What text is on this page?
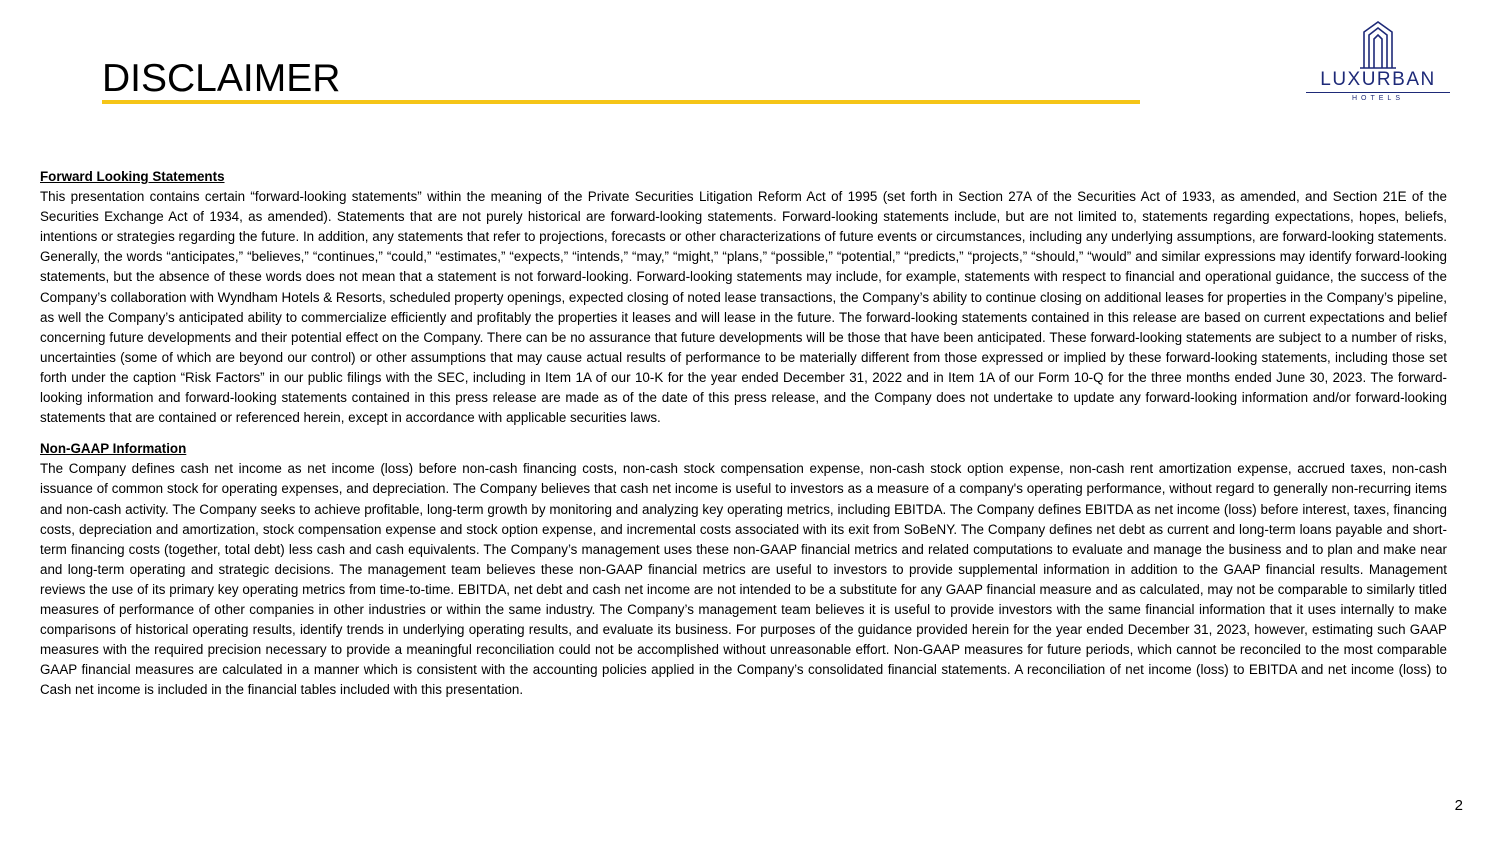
DISCLAIMER	LUXURBAN
HOTELS

Forward Looking Statements

This presentation contains certain “forward-looking statements” within the meaning of the Private Securities Litigation Reform Act of 1995 (set forth in Section 27A of the Securities Act of 1933, as amended, and Section 21E of the Securities Exchange Act of 1934, as amended). Statements that are not purely historical are forward-looking statements. Forward-looking statements include, but are not limited to, statements regarding expectations, hopes, beliefs, intentions or strategies regarding the future. In addition, any statements that refer to projections, forecasts or other characterizations of future events or circumstances, including any underlying assumptions, are forward-looking statements. Generally, the words “anticipates,” “believes,” “continues,” “could,” “estimates,” “expects,” “intends,” “may,” “might,” “plans,” “possible,” “potential,” “predicts,” “projects,” “should,” “would” and similar expressions may identify forward-looking statements, but the absence of these words does not mean that a statement is not forward-looking. Forward-looking statements may include, for example, statements with respect to financial and operational guidance, the success of the Company’s collaboration with Wyndham Hotels & Resorts, scheduled property openings, expected closing of noted lease transactions, the Company’s ability to continue closing on additional leases for properties in the Company’s pipeline, as well the Company’s anticipated ability to commercialize efficiently and profitably the properties it leases and will lease in the future. The forward-looking statements contained in this release are based on current expectations and belief concerning future developments and their potential effect on the Company. There can be no assurance that future developments will be those that have been anticipated. These forward-looking statements are subject to a number of risks, uncertainties (some of which are beyond our control) or other assumptions that may cause actual results of performance to be materially different from those expressed or implied by these forward-looking statements, including those set forth under the caption “Risk Factors” in our public filings with the SEC, including in Item 1A of our 10-K for the year ended December 31, 2022 and in Item 1A of our Form 10-Q for the three months ended June 30, 2023. The forward-looking information and forward-looking statements contained in this press release are made as of the date of this press release, and the Company does not undertake to update any forward-looking information and/or forward-looking statements that are contained or referenced herein, except in accordance with applicable securities laws.

Non-GAAP Information

The Company defines cash net income as net income (loss) before non-cash financing costs, non-cash stock compensation expense, non-cash stock option expense, non-cash rent amortization expense, accrued taxes, non-cash issuance of common stock for operating expenses, and depreciation. The Company believes that cash net income is useful to investors as a measure of a company's operating performance, without regard to generally non-recurring items and non-cash activity. The Company seeks to achieve profitable, long-term growth by monitoring and analyzing key operating metrics, including EBITDA. The Company defines EBITDA as net income (loss) before interest, taxes, financing costs, depreciation and amortization, stock compensation expense and stock option expense, and incremental costs associated with its exit from SoBeNY. The Company defines net debt as current and long-term loans payable and short-term financing costs (together, total debt) less cash and cash equivalents. The Company’s management uses these non-GAAP financial metrics and related computations to evaluate and manage the business and to plan and make near and long-term operating and strategic decisions. The management team believes these non-GAAP financial metrics are useful to investors to provide supplemental information in addition to the GAAP financial results. Management reviews the use of its primary key operating metrics from time-to-time. EBITDA, net debt and cash net income are not intended to be a substitute for any GAAP financial measure and as calculated, may not be comparable to similarly titled measures of performance of other companies in other industries or within the same industry. The Company’s management team believes it is useful to provide investors with the same financial information that it uses internally to make comparisons of historical operating results, identify trends in underlying operating results, and evaluate its business. For purposes of the guidance provided herein for the year ended December 31, 2023, however, estimating such GAAP measures with the required precision necessary to provide a meaningful reconciliation could not be accomplished without unreasonable effort. Non-GAAP measures for future periods, which cannot be reconciled to the most comparable GAAP financial measures are calculated in a manner which is consistent with the accounting policies applied in the Company’s consolidated financial statements. A reconciliation of net income (loss) to EBITDA and net income (loss) to Cash net income is included in the financial tables included with this presentation.

2
